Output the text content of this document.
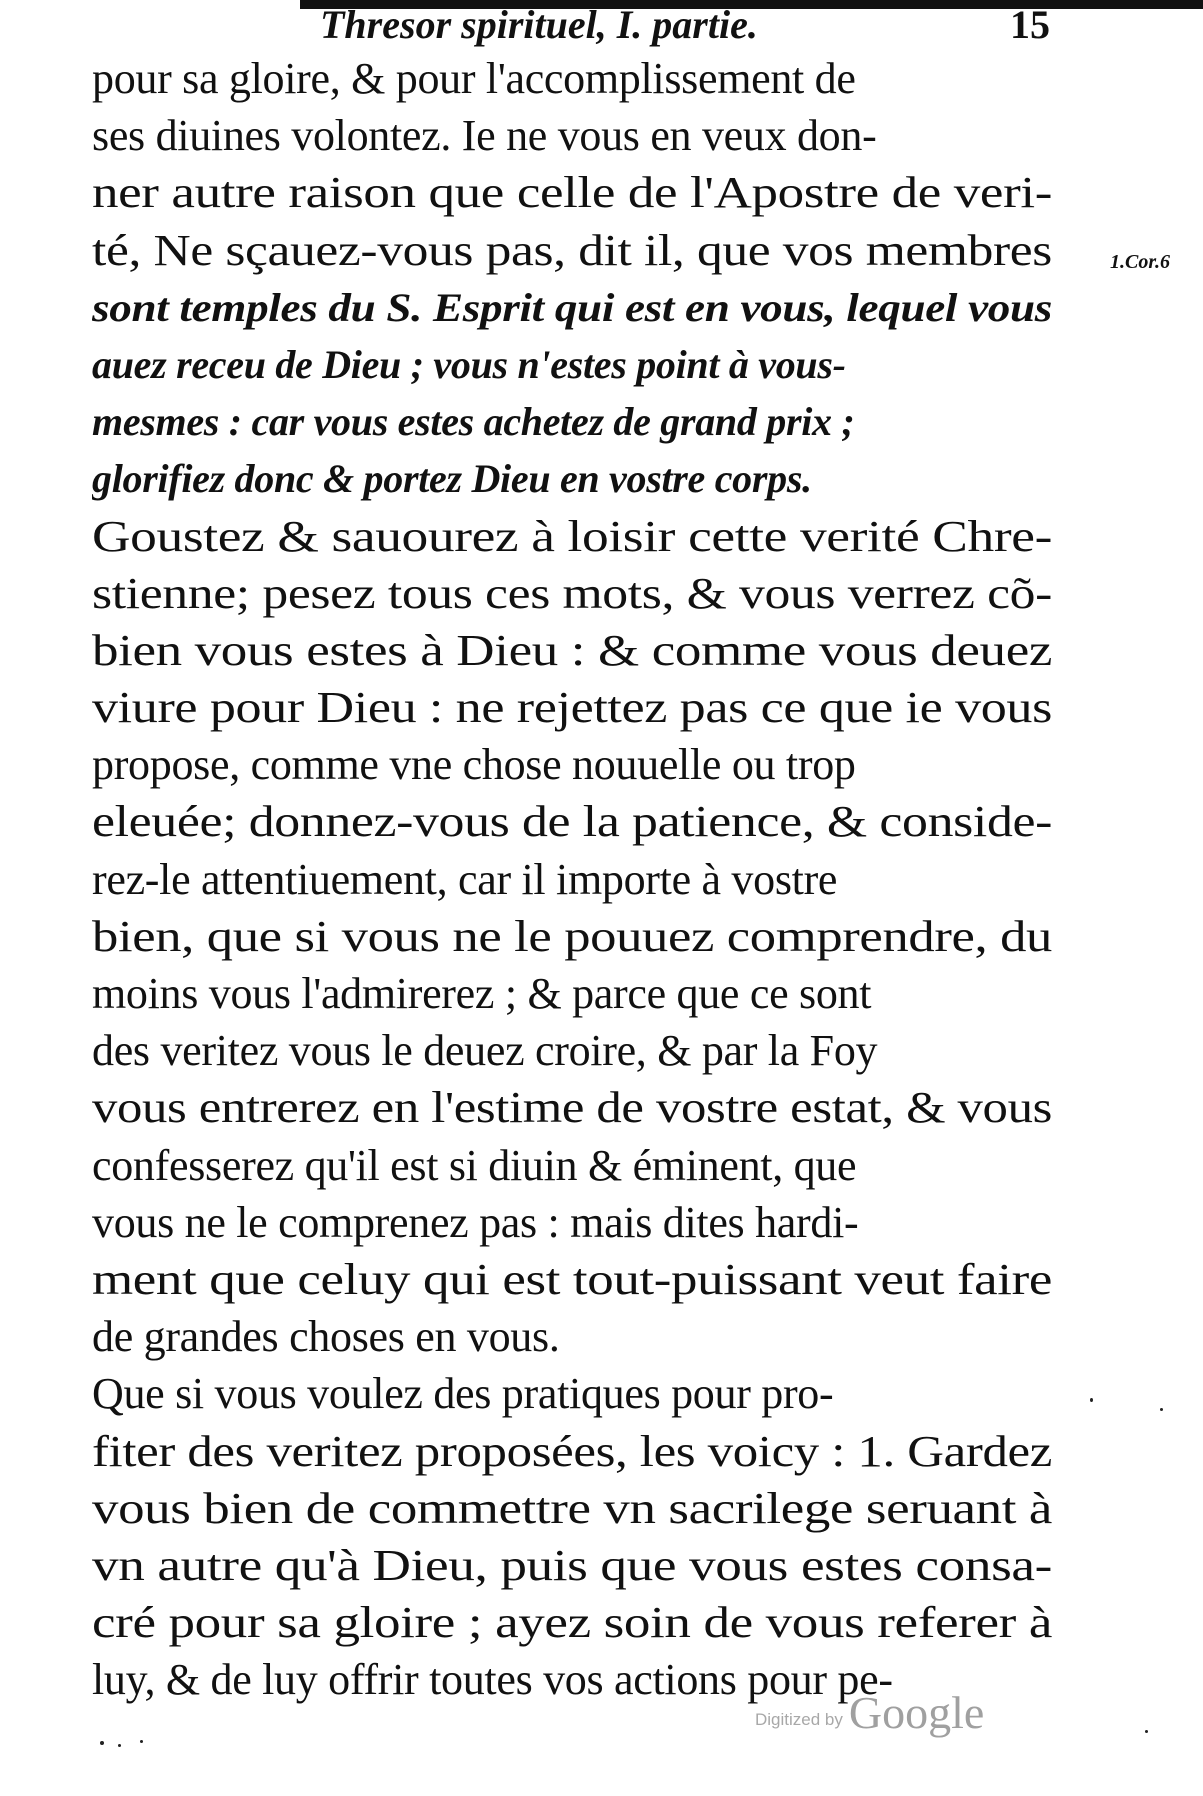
Thresor spirituel, I. partie.	15
pour sa gloire, & pour l'accomplissement de
ses diuines volontez. Ie ne vous en veux don-
ner autre raison que celle de l'Apostre de veri-
té, Ne sçauez-vous pas, dit il, que vos membres
sont temples du S. Esprit qui est en vous, lequel vous
auez receu de Dieu ; vous n'estes point à vous-
mesmes : car vous estes achetez de grand prix ;
glorifiez donc & portez Dieu en vostre corps.
Goustez & sauourez à loisir cette verité Chre-
stienne; pesez tous ces mots, & vous verrez cõ-
bien vous estes à Dieu : & comme vous deuez
viure pour Dieu : ne rejettez pas ce que ie vous
propose, comme vne chose nouuelle ou trop
eleuée; donnez-vous de la patience, & conside-
rez-le attentiuement, car il importe à vostre
bien, que si vous ne le pouuez comprendre, du
moins vous l'admirerez ; & parce que ce sont
des veritez vous le deuez croire, & par la Foy
vous entrerez en l'estime de vostre estat, & vous
confesserez qu'il est si diuin & éminent, que
vous ne le comprenez pas : mais dites hardi-
ment que celuy qui est tout-puissant veut faire
de grandes choses en vous.
Que si vous voulez des pratiques pour pro-
fiter des veritez proposées, les voicy : 1. Gardez
vous bien de commettre vn sacrilege seruant à
vn autre qu'à Dieu, puis que vous estes consa-
cré pour sa gloire ; ayez soin de vous referer à
luy, & de luy offrir toutes vos actions pour pe-
1.Cor.6
Digitized by Google
